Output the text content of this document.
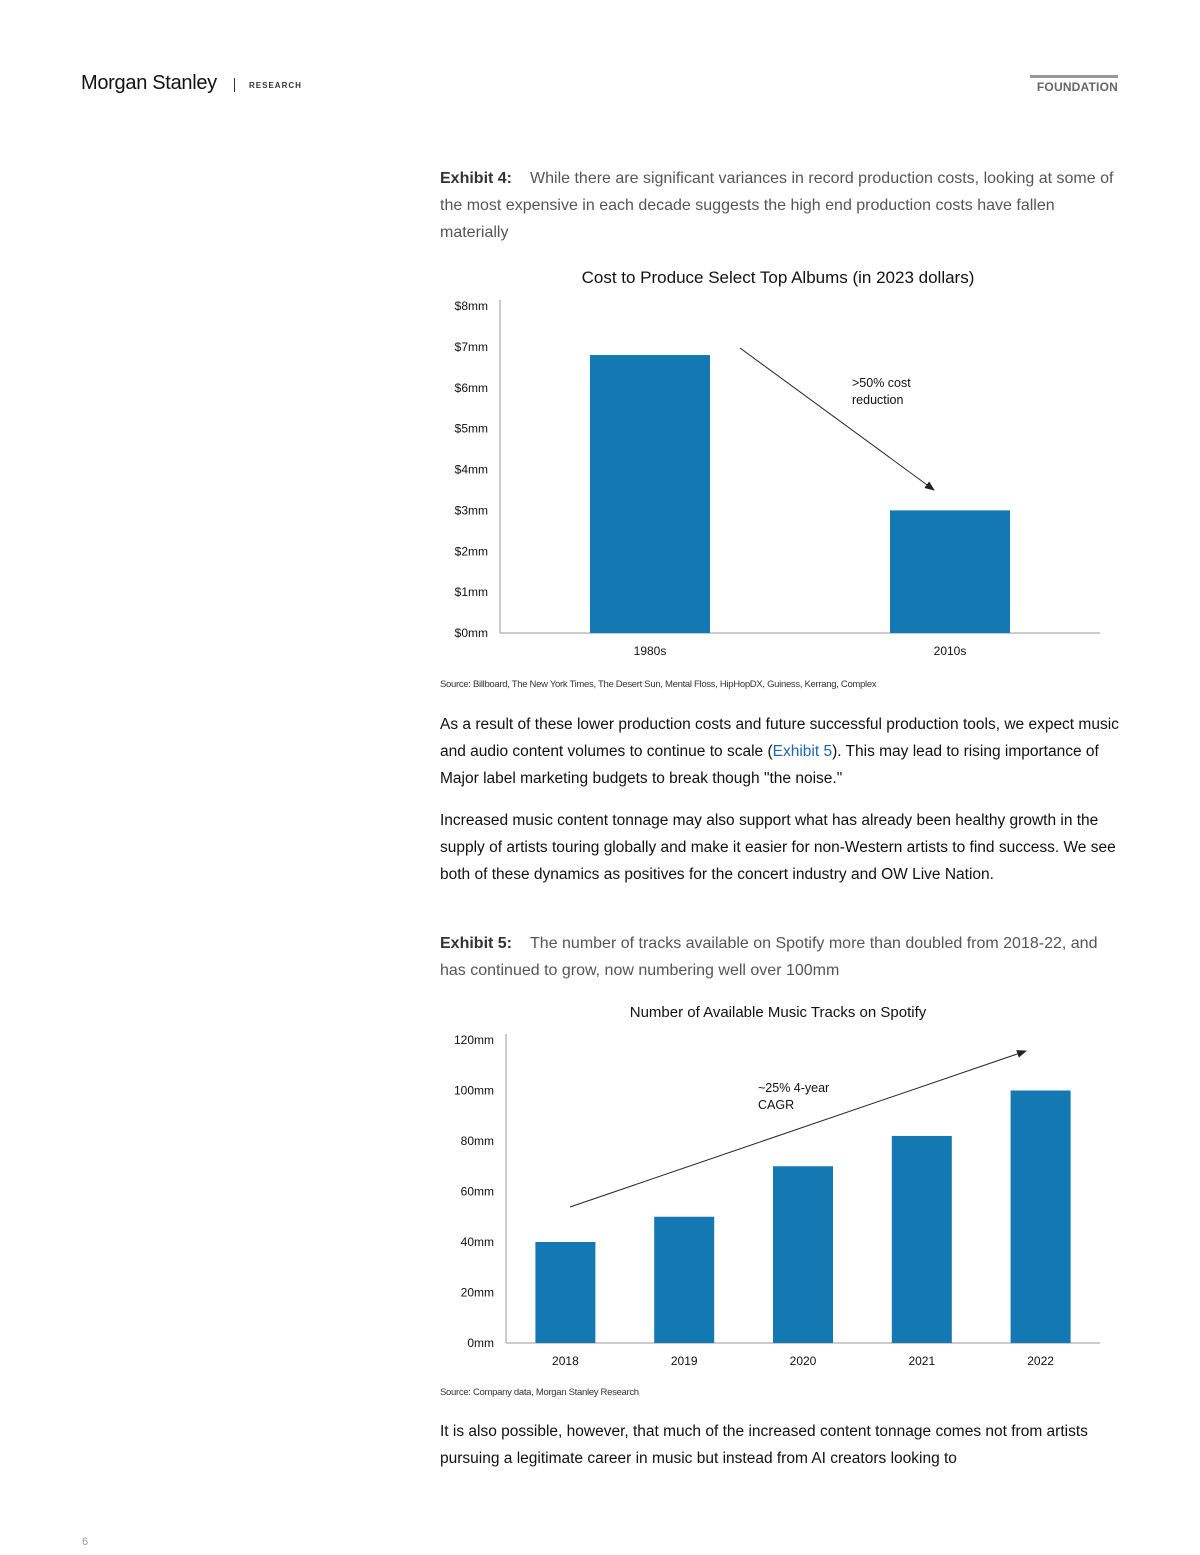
Morgan Stanley	RESEARCH	FOUNDATION
Exhibit 4: While there are significant variances in record production costs, looking at some of the most expensive in each decade suggests the high end production costs have fallen materially
Cost to Produce Select Top Albums (in 2023 dollars)
$0mm
$1mm
$2mm
$3mm
$4mm
$5mm
$6mm
$7mm
$8mm
1980s	2010s
>50% cost
reduction
Source: Billboard, The New York Times, The Desert Sun, Mental Floss, HipHopDX, Guiness, Kerrang, Complex

As a result of these lower production costs and future successful production tools, we expect music and audio content volumes to continue to scale (Exhibit 5). This may lead to rising importance of Major label marketing budgets to break though "the noise."

Increased music content tonnage may also support what has already been healthy growth in the supply of artists touring globally and make it easier for non-Western artists to find success. We see both of these dynamics as positives for the concert industry and OW Live Nation.

Exhibit 5: The number of tracks available on Spotify more than doubled from 2018-22, and has continued to grow, now numbering well over 100mm
Number of Available Music Tracks on Spotify
0mm
20mm
40mm
60mm
80mm
100mm
120mm
2018	2019	2020	2021	2022
~25% 4-year
CAGR
Source: Company data, Morgan Stanley Research

It is also possible, however, that much of the increased content tonnage comes not from artists pursuing a legitimate career in music but instead from AI creators looking to

6
